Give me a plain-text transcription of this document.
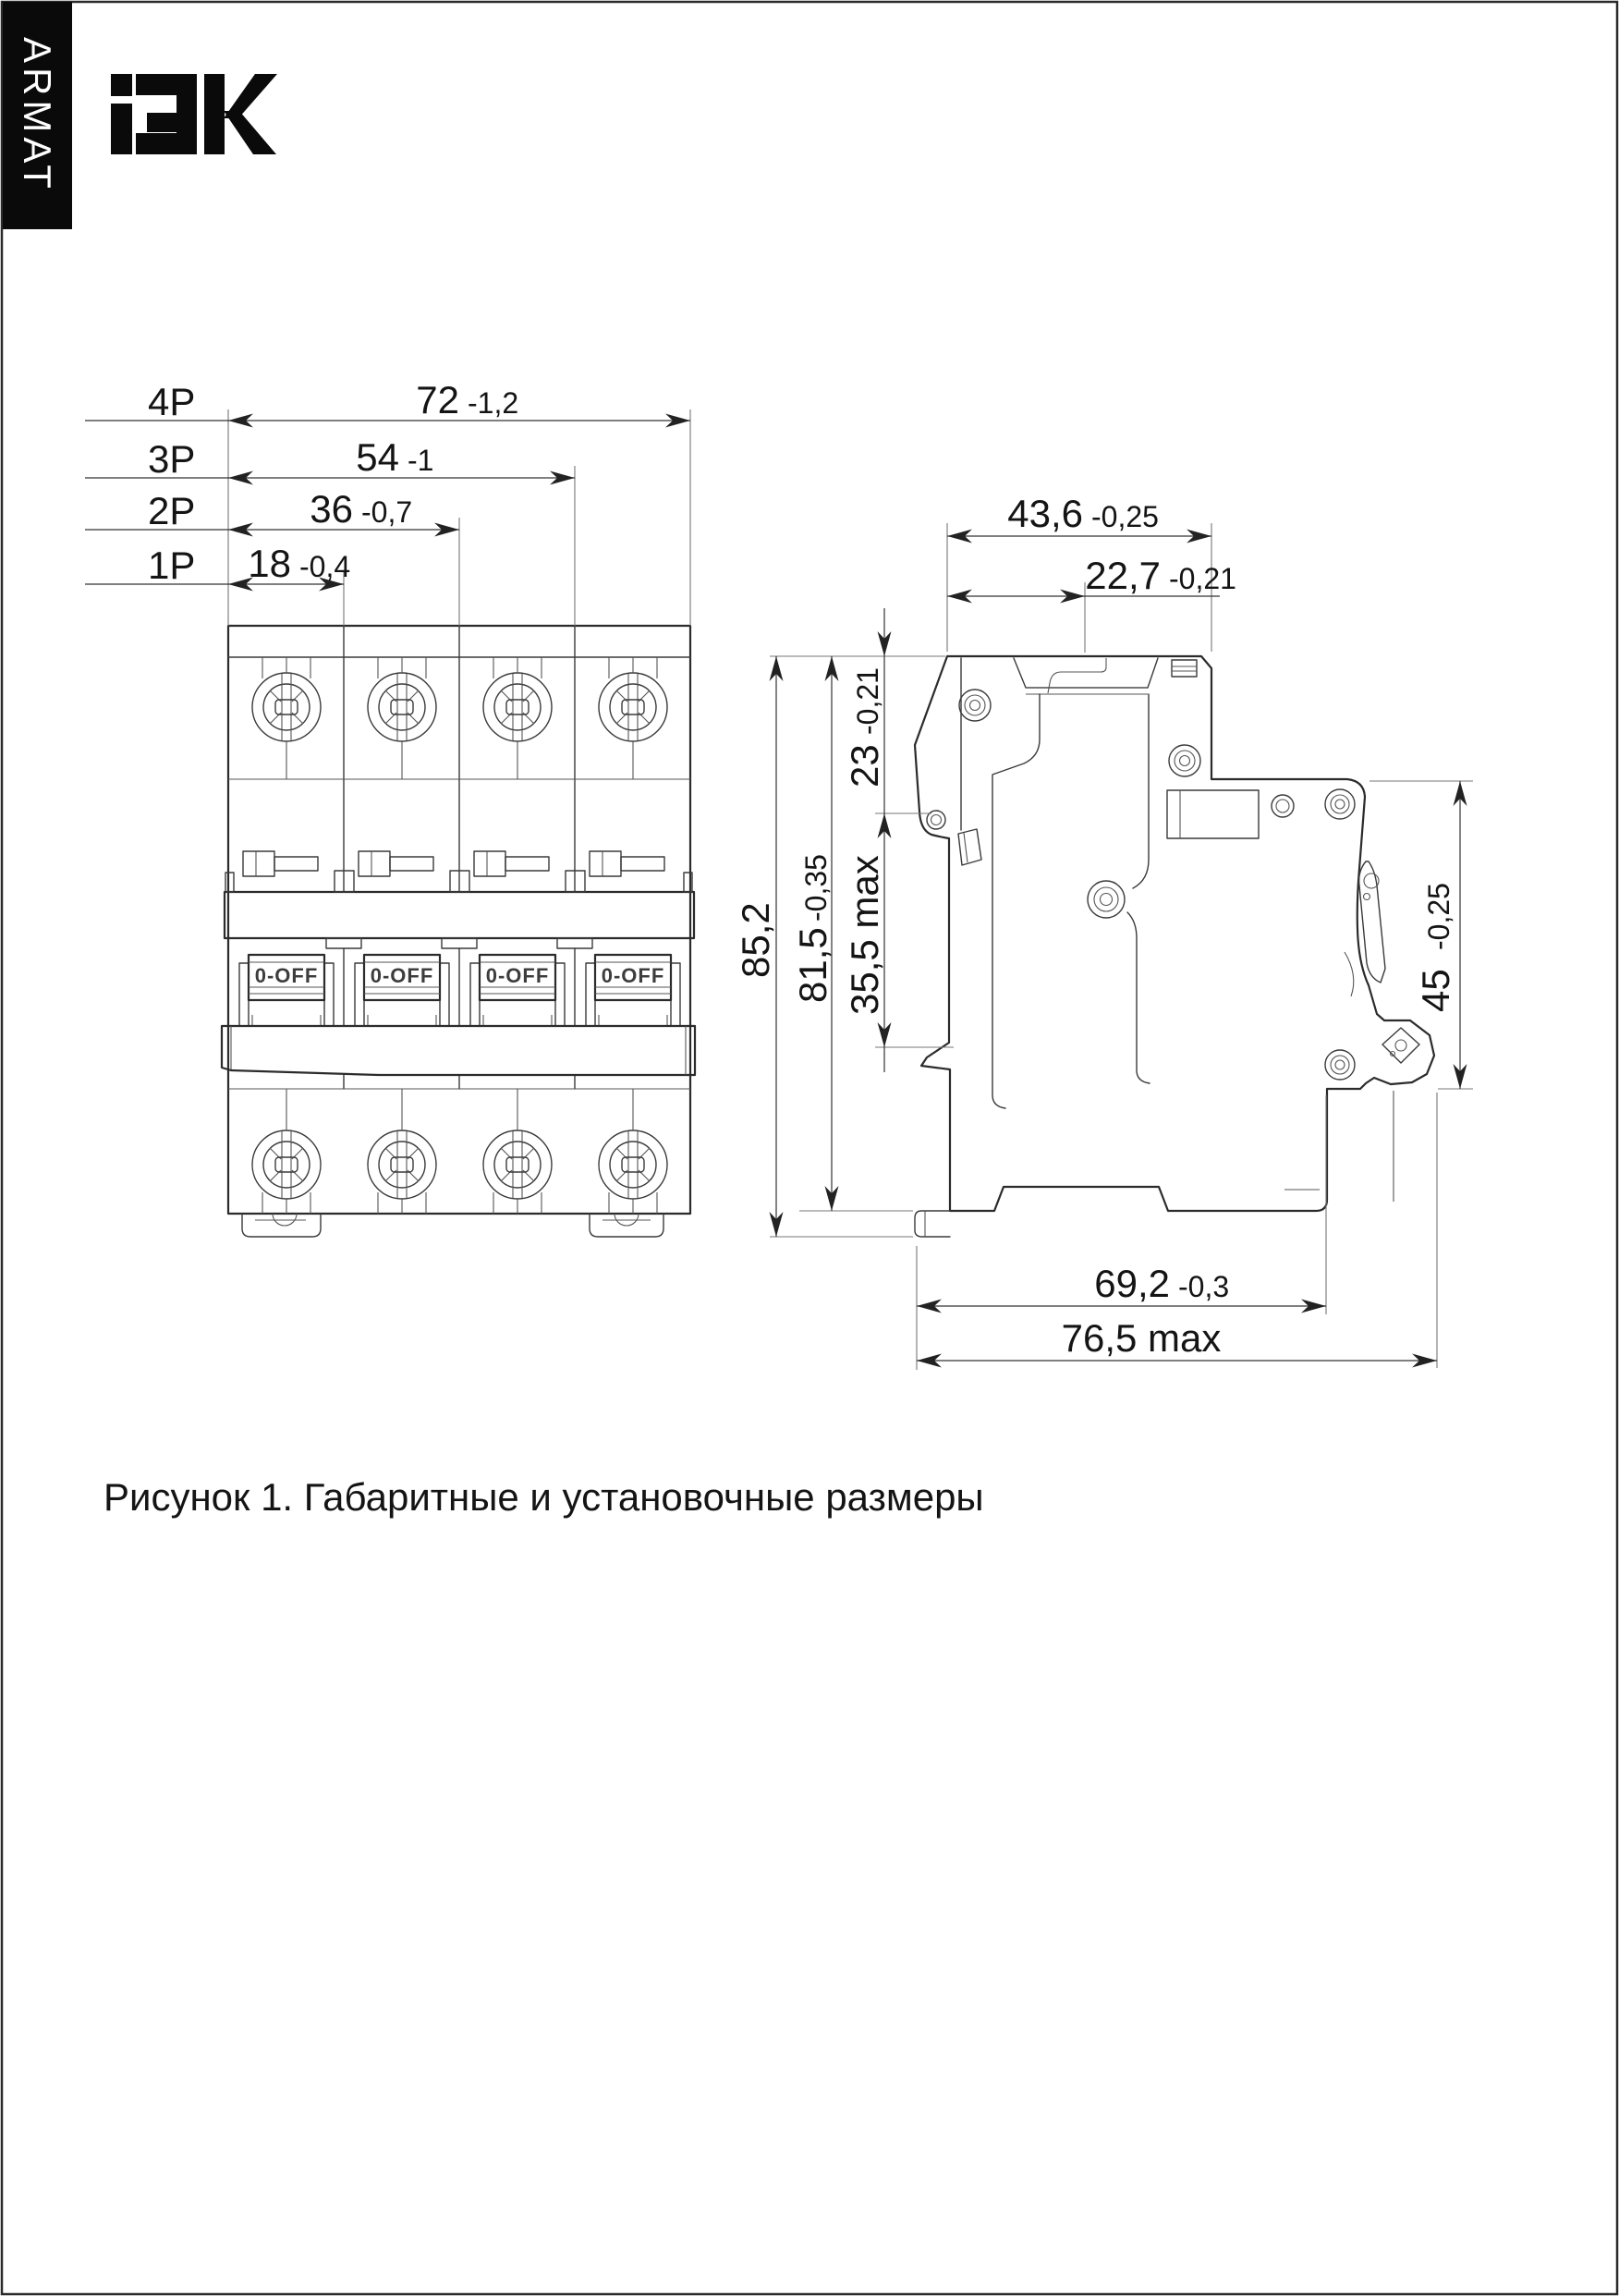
ARMAT
4P	72 -1,2
3P	54 -1
2P	36 -0,7
1P 18 -0,4
43,6 -0,25
22,7 -0,21
85,2 81,5
-0,35
23
-0,21
35,5 max	45
-0,25
69,2 -0,3
76,5 max
Рисунок 1. Габаритные и установочные размеры
